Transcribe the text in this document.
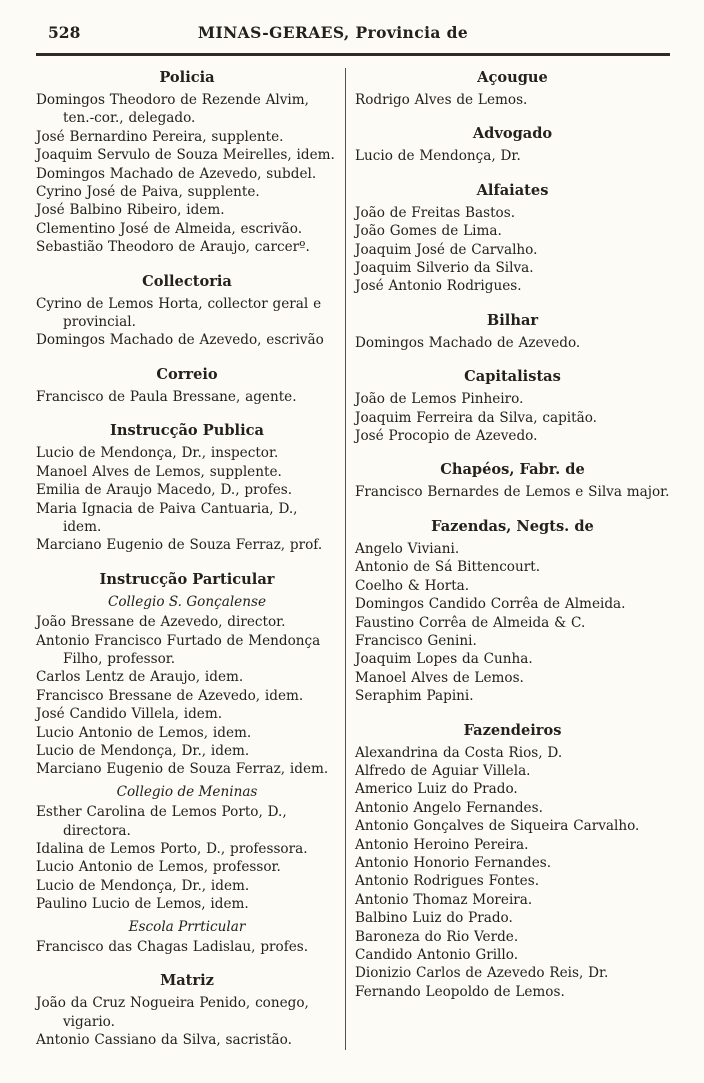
528	MINAS-GERAES, Provincia de
Policia

Domingos Theodoro de Rezende Alvim, ten.-cor., delegado.

José Bernardino Pereira, supplente.

Joaquim Servulo de Souza Meirelles, idem.

Domingos Machado de Azevedo, subdel.

Cyrino José de Paiva, supplente.

José Balbino Ribeiro, idem.

Clementino José de Almeida, escrivão.

Sebastião Theodoro de Araujo, carcerº.

Collectoria

Cyrino de Lemos Horta, collector geral e provincial.

Domingos Machado de Azevedo, escrivão

Correio

Francisco de Paula Bressane, agente.

Instrucção Publica

Lucio de Mendonça, Dr., inspector.

Manoel Alves de Lemos, supplente.

Emilia de Araujo Macedo, D., profes.

Maria Ignacia de Paiva Cantuaria, D., idem.

Marciano Eugenio de Souza Ferraz, prof.

Instrucção Particular
Collegio S. Gonçalense

João Bressane de Azevedo, director.

Antonio Francisco Furtado de Mendonça Filho, professor.

Carlos Lentz de Araujo, idem.

Francisco Bressane de Azevedo, idem.

José Candido Villela, idem.

Lucio Antonio de Lemos, idem.

Lucio de Mendonça, Dr., idem.

Marciano Eugenio de Souza Ferraz, idem.

Collegio de Meninas

Esther Carolina de Lemos Porto, D., directora.

Idalina de Lemos Porto, D., professora.

Lucio Antonio de Lemos, professor.

Lucio de Mendonça, Dr., idem.

Paulino Lucio de Lemos, idem.

Escola Prrticular

Francisco das Chagas Ladislau, profes.

Matriz

João da Cruz Nogueira Penido, conego, vigario.

Antonio Cassiano da Silva, sacristão.

Açougue

Rodrigo Alves de Lemos.

Advogado

Lucio de Mendonça, Dr.

Alfaiates

João de Freitas Bastos.

João Gomes de Lima.

Joaquim José de Carvalho.

Joaquim Silverio da Silva.

José Antonio Rodrigues.

Bilhar

Domingos Machado de Azevedo.

Capitalistas

João de Lemos Pinheiro.

Joaquim Ferreira da Silva, capitão.

José Procopio de Azevedo.

Chapéos, Fabr. de

Francisco Bernardes de Lemos e Silva major.

Fazendas, Negts. de

Angelo Viviani.

Antonio de Sá Bittencourt.

Coelho & Horta.

Domingos Candido Corrêa de Almeida.

Faustino Corrêa de Almeida & C.

Francisco Genini.

Joaquim Lopes da Cunha.

Manoel Alves de Lemos.

Seraphim Papini.

Fazendeiros

Alexandrina da Costa Rios, D.

Alfredo de Aguiar Villela.

Americo Luiz do Prado.

Antonio Angelo Fernandes.

Antonio Gonçalves de Siqueira Carvalho.

Antonio Heroino Pereira.

Antonio Honorio Fernandes.

Antonio Rodrigues Fontes.

Antonio Thomaz Moreira.

Balbino Luiz do Prado.

Baroneza do Rio Verde.

Candido Antonio Grillo.

Dionizio Carlos de Azevedo Reis, Dr.

Fernando Leopoldo de Lemos.
